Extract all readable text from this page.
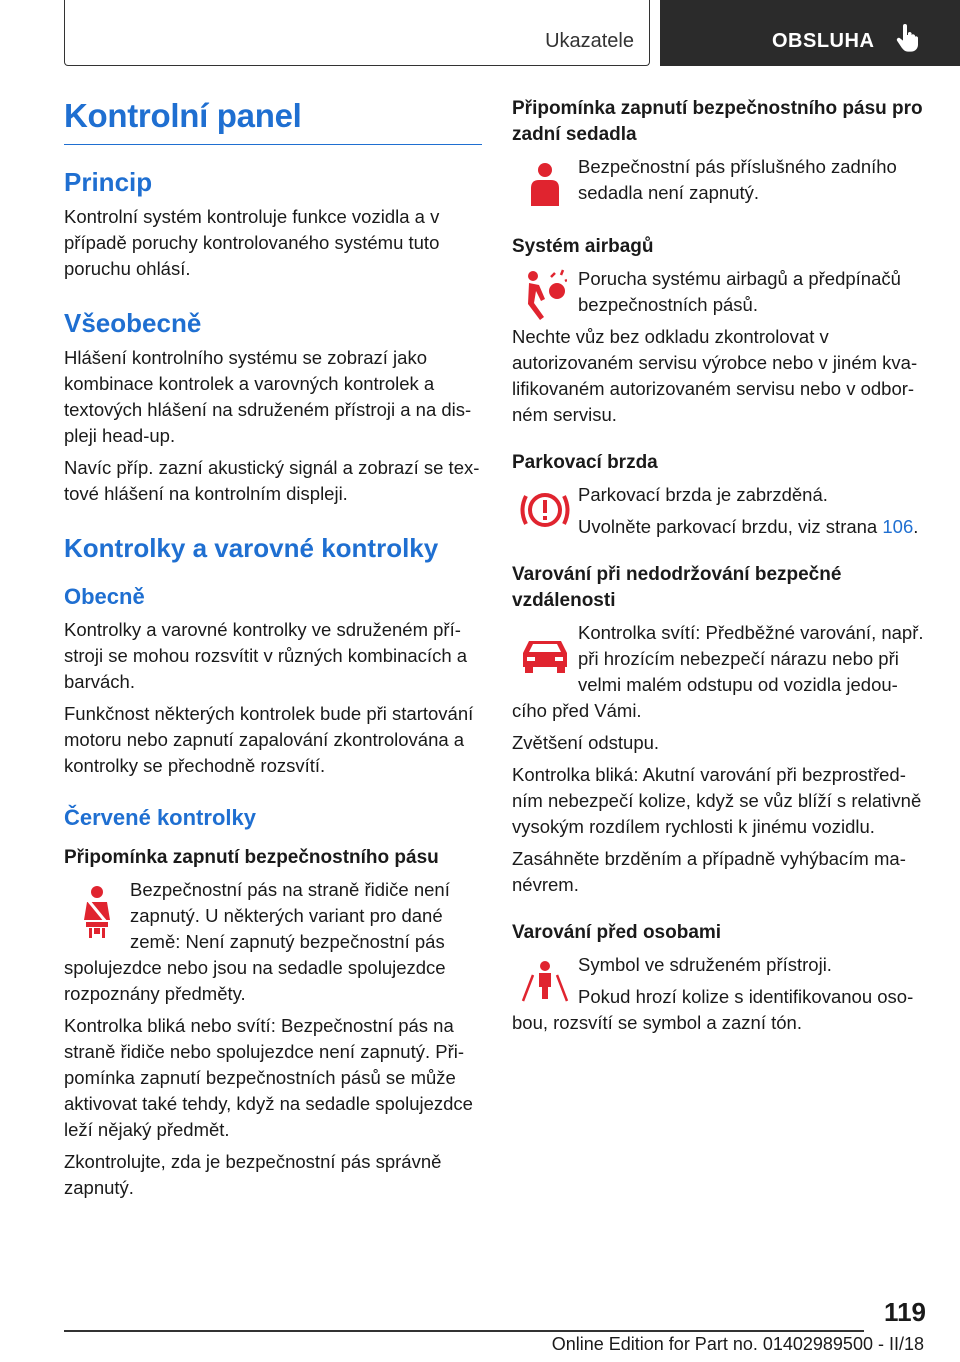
Ukazatele	OBSLUHA
Kontrolní panel
Princip

Kontrolní systém kontroluje funkce vozidla a v případě poruchy kontrolovaného systému tuto poruchu ohlásí.

Všeobecně

Hlášení kontrolního systému se zobrazí jako kombinace kontrolek a varovných kontrolek a textových hlášení na sdruženém přístroji a na displeji head-up.

Navíc příp. zazní akustický signál a zobrazí se textové hlášení na kontrolním displeji.

Kontrolky a varovné kontrolky
Obecně

Kontrolky a varovné kontrolky ve sdruženém přístroji se mohou rozsvítit v různých kombinacích a barvách.

Funkčnost některých kontrolek bude při startování motoru nebo zapnutí zapalování zkontrolována a kontrolky se přechodně rozsvítí.

Červené kontrolky
Připomínka zapnutí bezpečnostního pásu

Bezpečnostní pás na straně řidiče není zapnutý. U některých variant pro dané země: Není zapnutý bezpečnostní pás spolujezdce nebo jsou na sedadle spolujezdce rozpoznány předměty.

Kontrolka bliká nebo svítí: Bezpečnostní pás na straně řidiče nebo spolujezdce není zapnutý. Připomínka zapnutí bezpečnostních pásů se může aktivovat také tehdy, když na sedadle spolujezdce leží nějaký předmět.

Zkontrolujte, zda je bezpečnostní pás správně zapnutý.

Připomínka zapnutí bezpečnostního pásu pro zadní sedadla

Bezpečnostní pás příslušného zadního sedadla není zapnutý.

Systém airbagů

Porucha systému airbagů a předpínačů bezpečnostních pásů.

Nechte vůz bez odkladu zkontrolovat v autorizovaném servisu výrobce nebo v jiném kvalifikovaném autorizovaném servisu nebo v odborném servisu.

Parkovací brzda

Parkovací brzda je zabrzděná.

Uvolněte parkovací brzdu, viz strana 106.

Varování při nedodržování bezpečné vzdálenosti

Kontrolka svítí: Předběžné varování, např. při hrozícím nebezpečí nárazu nebo při velmi malém odstupu od vozidla jedoucího před Vámi.

Zvětšení odstupu.

Kontrolka bliká: Akutní varování při bezprostředním nebezpečí kolize, když se vůz blíží s relativně vysokým rozdílem rychlosti k jinému vozidlu.

Zasáhněte brzděním a případně vyhýbacím manévrem.

Varování před osobami

Symbol ve sdruženém přístroji.

Pokud hrozí kolize s identifikovanou osobou, rozsvítí se symbol a zazní tón.

119
Online Edition for Part no. 01402989500 - II/18
